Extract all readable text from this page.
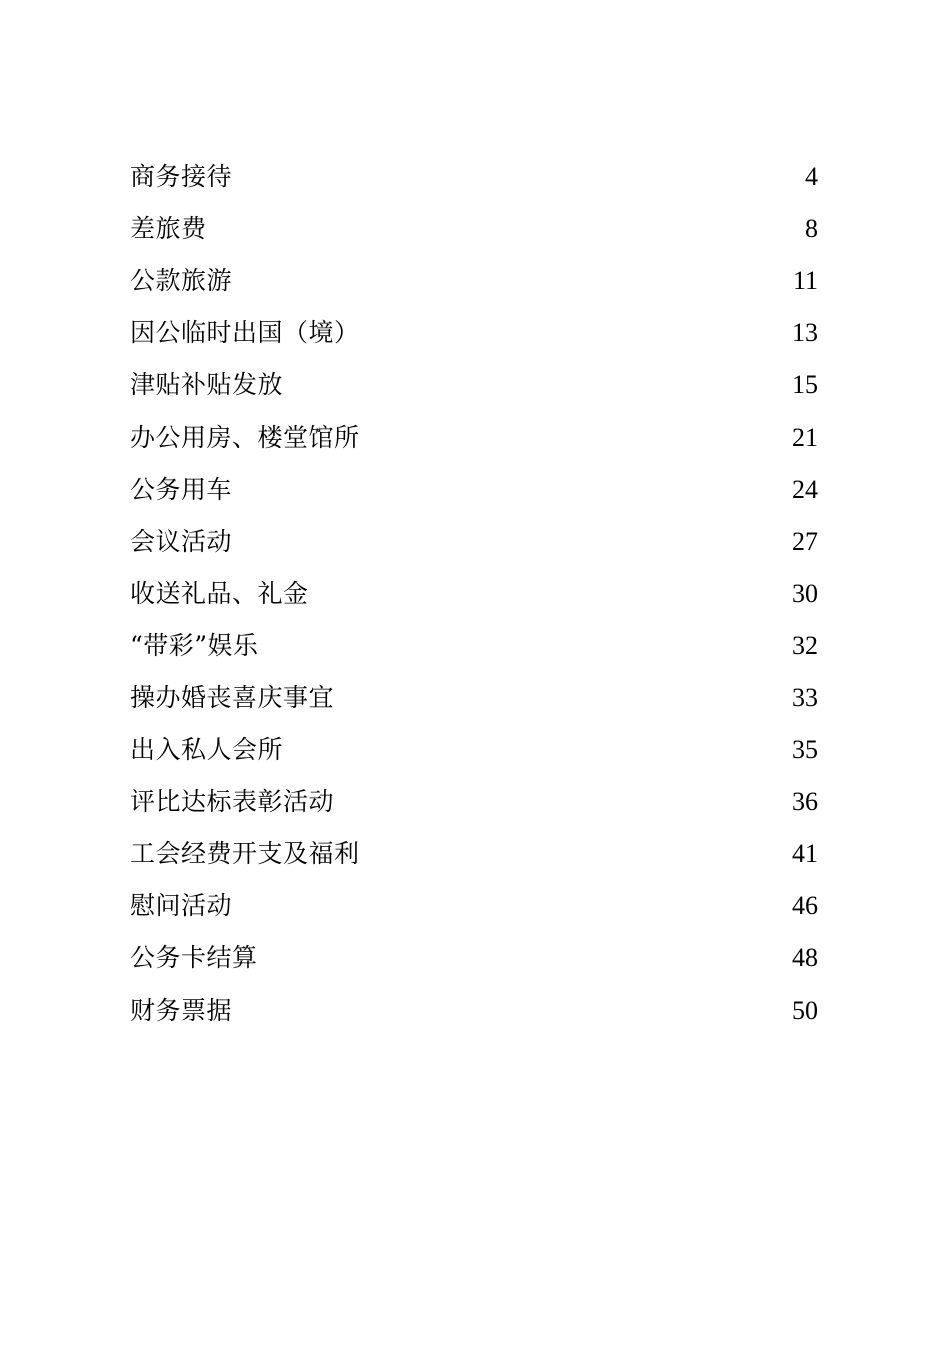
商务接待	4
差旅费	8
公款旅游	11
因公临时出国（境）	13
津贴补贴发放	15
办公用房、楼堂馆所	21
公务用车	24
会议活动	27
收送礼品、礼金	30
“带彩”娱乐	32
操办婚丧喜庆事宜	33
出入私人会所	35
评比达标表彰活动	36
工会经费开支及福利	41
慰问活动	46
公务卡结算	48
财务票据	50
